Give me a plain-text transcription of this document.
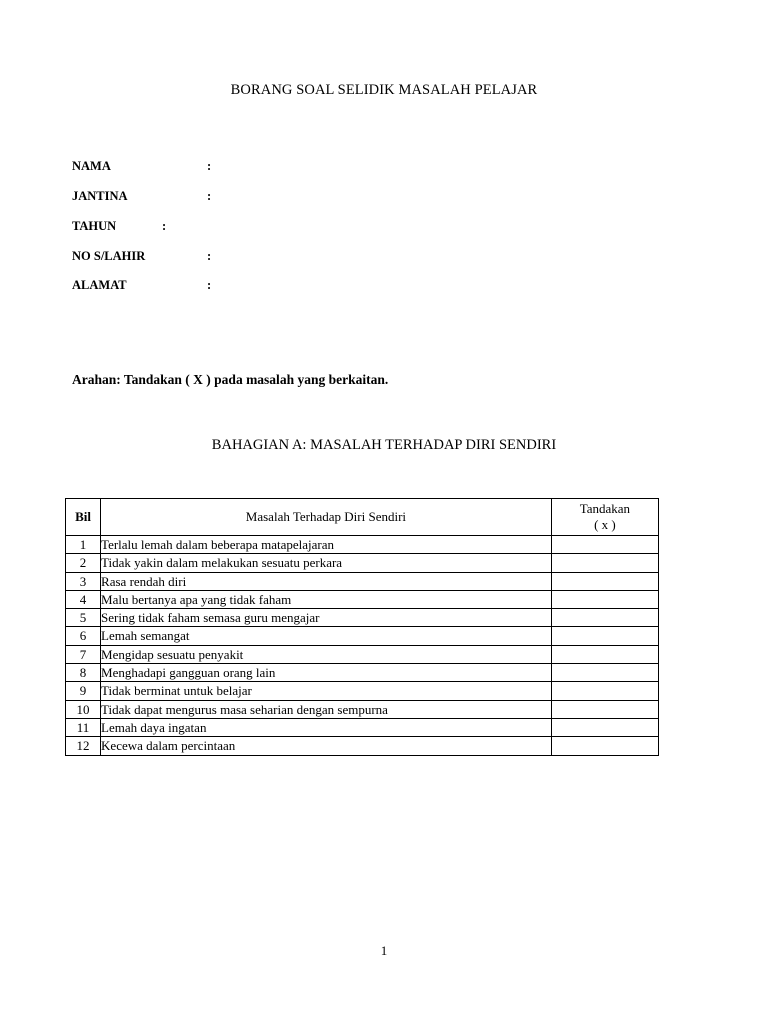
BORANG SOAL SELIDIK MASALAH PELAJAR
NAMA	:
JANTINA	:
TAHUN	:
NO S/LAHIR	:
ALAMAT	:
Arahan: Tandakan ( X ) pada masalah yang berkaitan.
BAHAGIAN A: MASALAH TERHADAP DIRI SENDIRI
Bil	Masalah Terhadap Diri Sendiri	Tandakan
( x )

1	Terlalu lemah dalam beberapa matapelajaran	
2	Tidak yakin dalam melakukan sesuatu perkara	
3	Rasa rendah diri	
4	Malu bertanya apa yang tidak faham	
5	Sering tidak faham semasa guru mengajar	
6	Lemah semangat	
7	Mengidap sesuatu penyakit	
8	Menghadapi gangguan orang lain	
9	Tidak berminat untuk belajar	
10	Tidak dapat mengurus masa seharian dengan sempurna	
11	Lemah daya ingatan	
12	Kecewa dalam percintaan	
1
